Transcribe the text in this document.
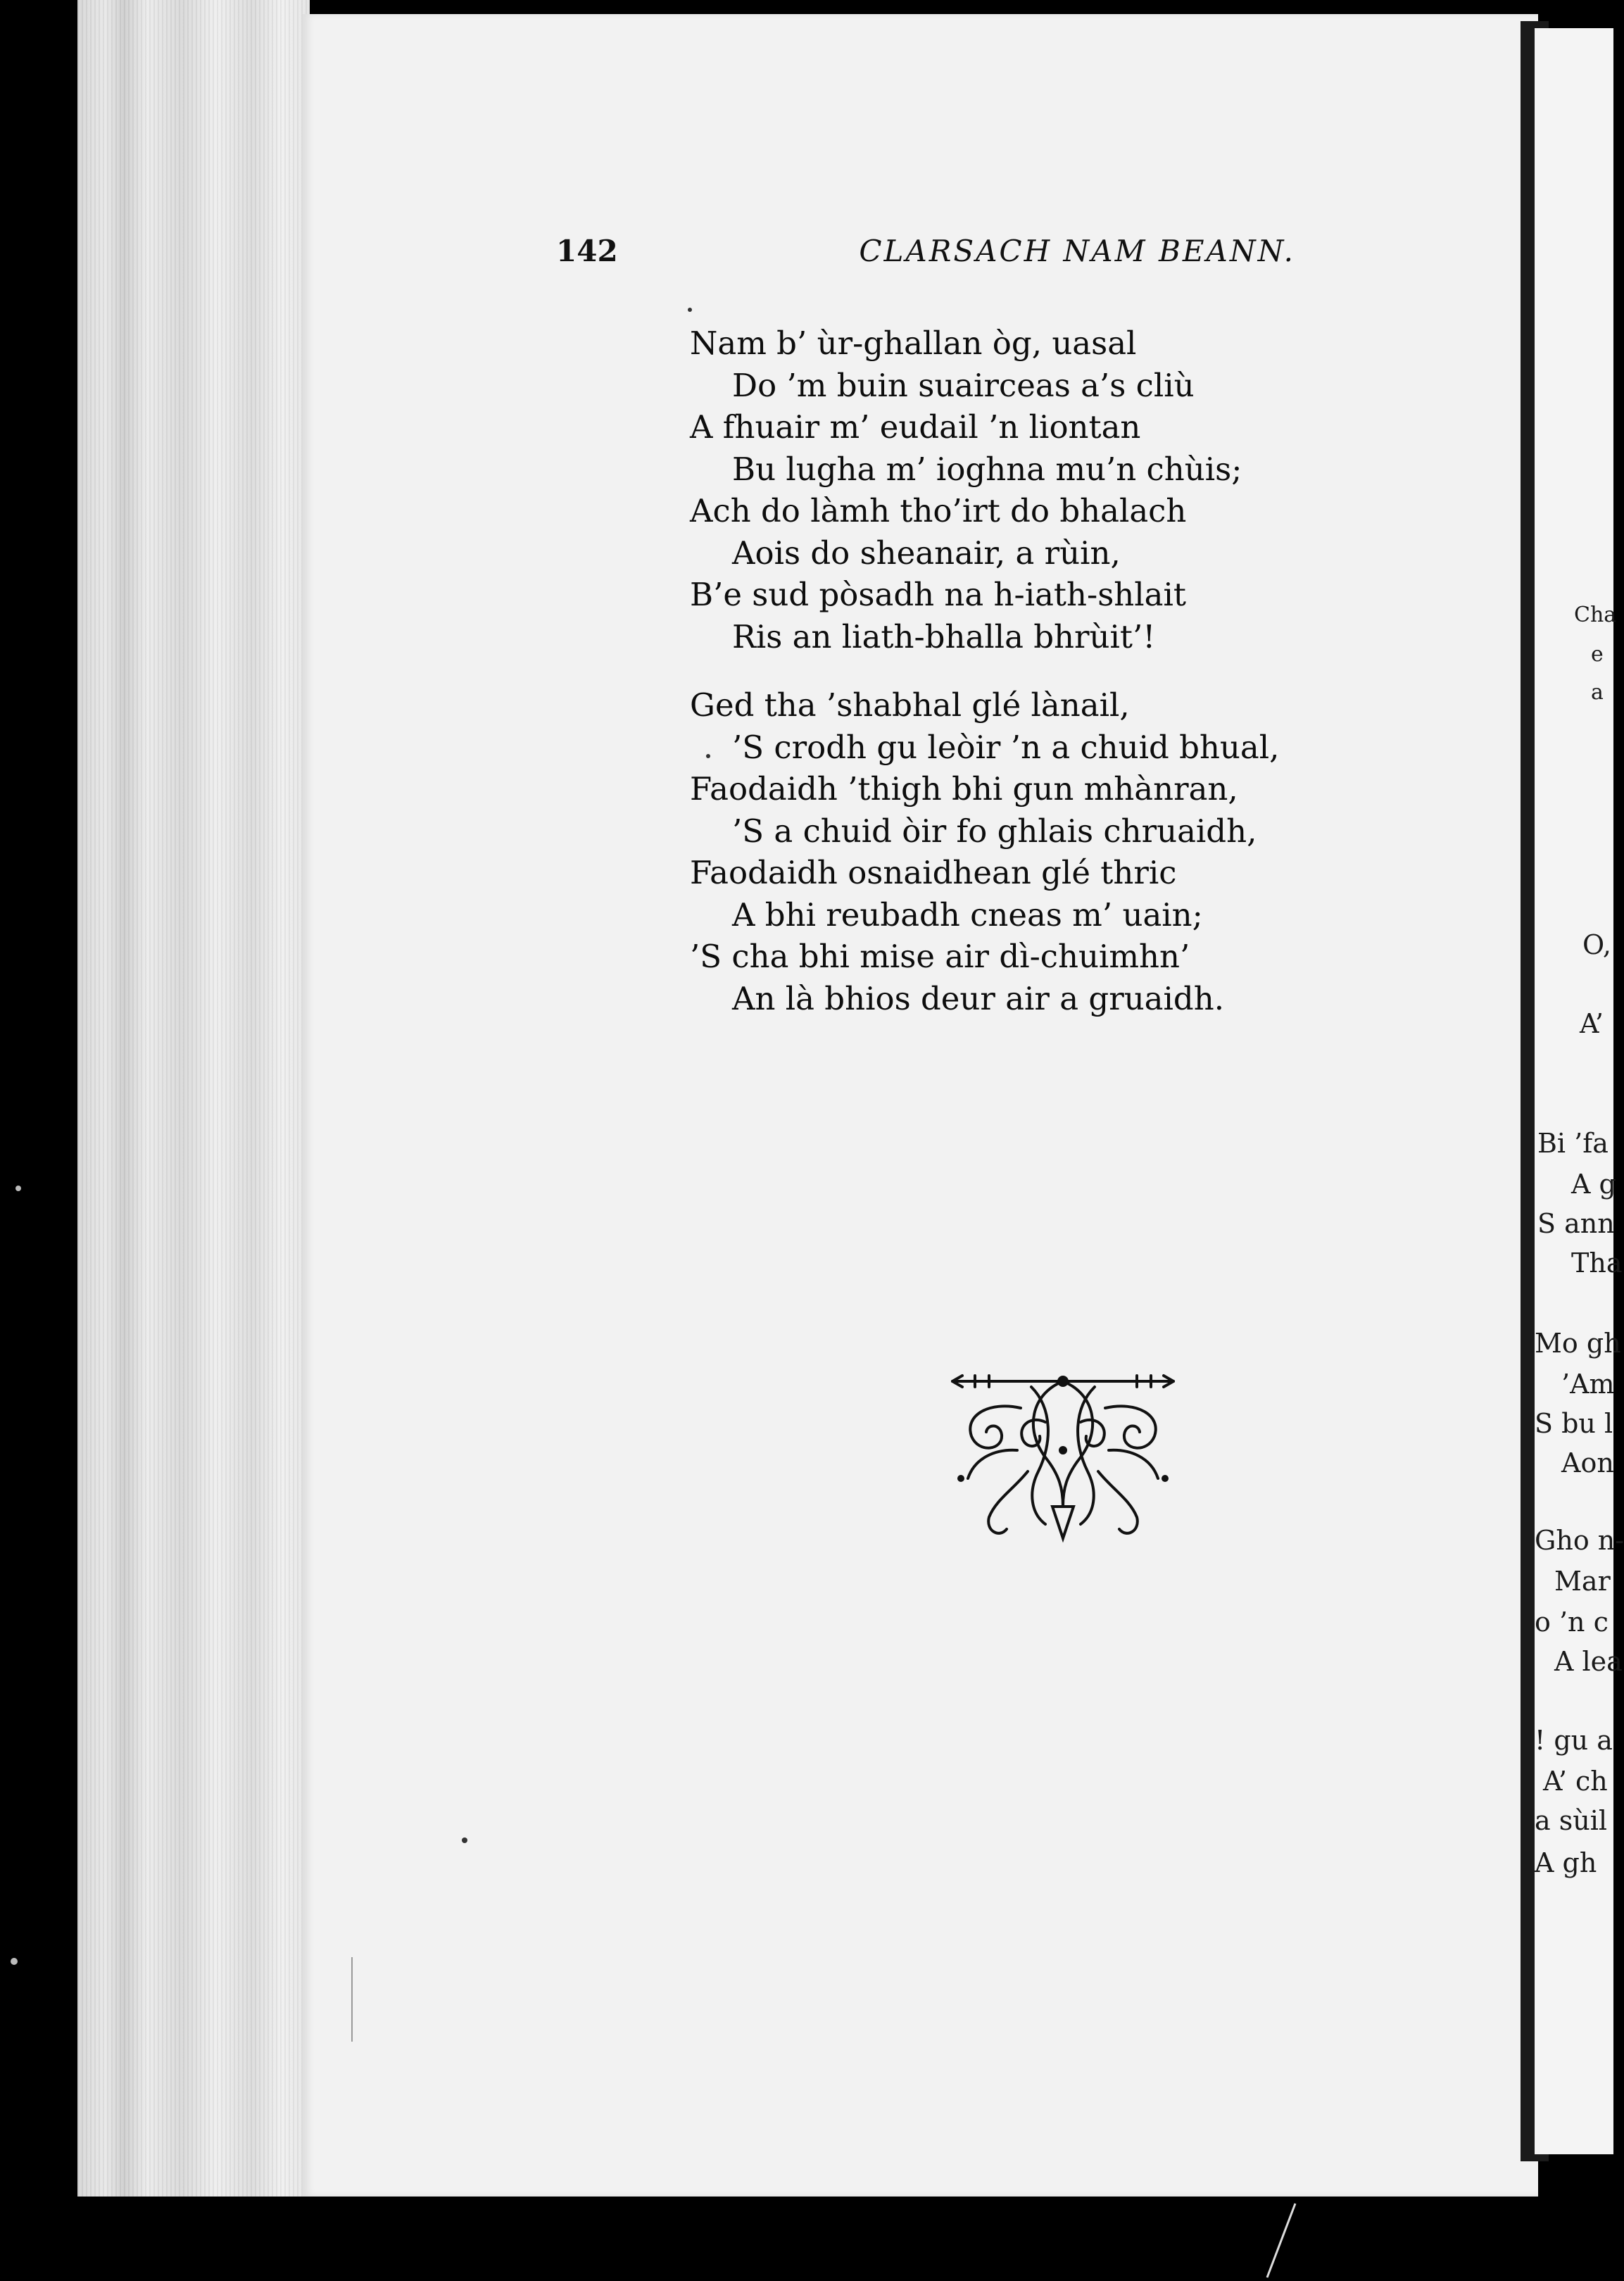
Cha
e
a
O,
A’
Bi ’fa
A g
S ann
Tha
Mo gh
’Am
S bu l
Aon
Gho n-
Mar
o ’n c
A lea
! gu a
A’ ch
a sùil
A gh
142	CLARSACH NAM BEANN.
Nam b’ ùr-ghallan òg, uasal
Do ’m buin suairceas a’s cliù
A fhuair m’ eudail ’n liontan
Bu lugha m’ ioghna mu’n chùis;
Ach do làmh tho’irt do bhalach
Aois do sheanair, a rùin,
B’e sud pòsadh na h-iath-shlait
Ris an liath-bhalla bhrùit’!
Ged tha ’shabhal glé lànail,
’S crodh gu leòir ’n a chuid bhual,
Faodaidh ’thigh bhi gun mhànran,
’S a chuid òir fo ghlais chruaidh,
Faodaidh osnaidhean glé thric
A bhi reubadh cneas m’ uain;
’S cha bhi mise air dì-chuimhn’
An là bhios deur air a gruaidh.
